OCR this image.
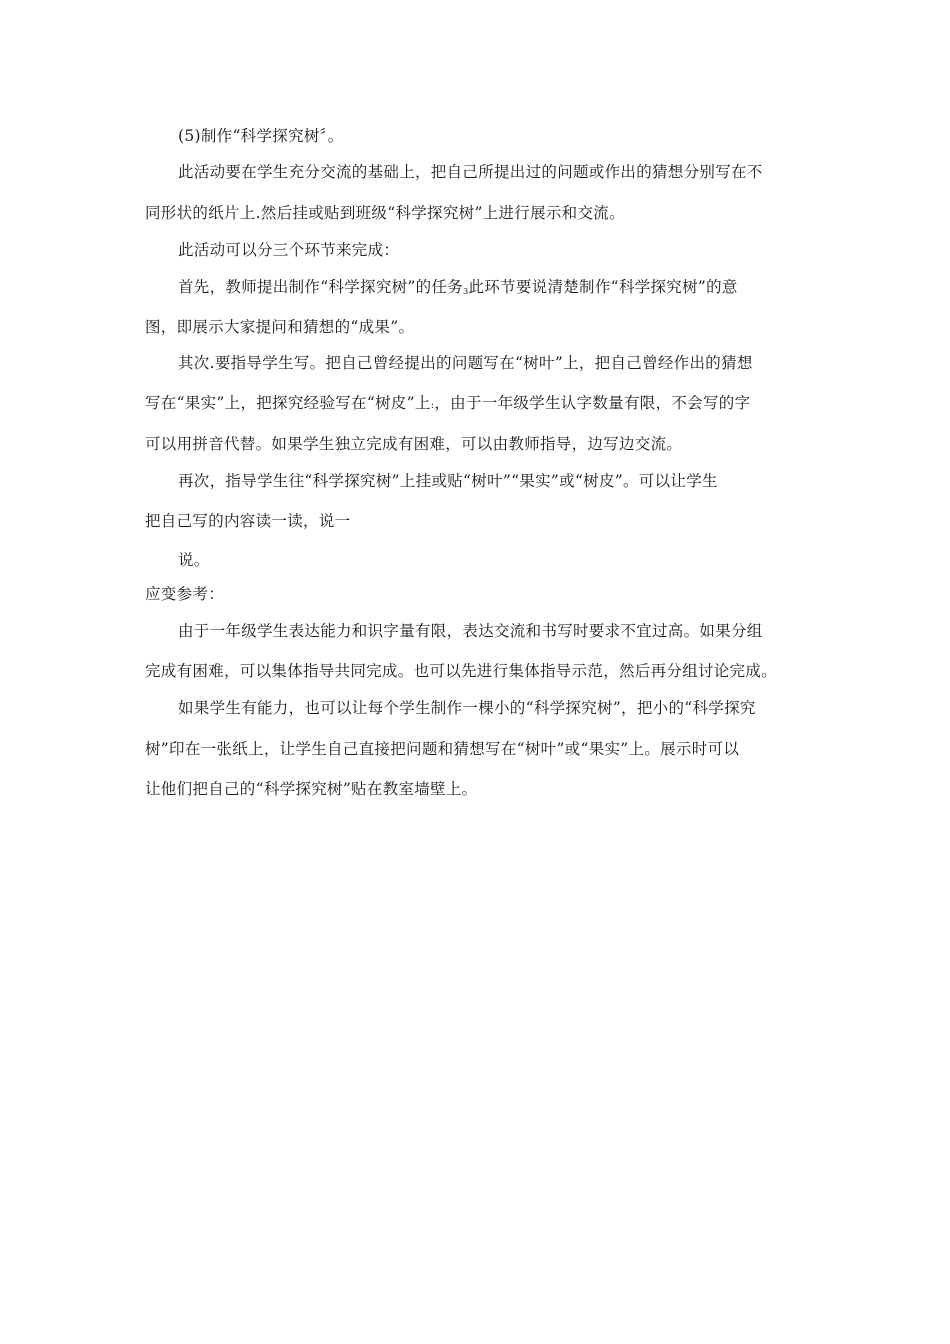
(5)制作“科学探究树〞。
此活动要在学生充分交流的基础上，把自己所提出过的问题或作出的猜想分别写在不
同形状的纸片上.然后挂或贴到班级“科学探究树”上进行展示和交流。
此活动可以分三个环节来完成：
首先，教师提出制作“科学探究树”的任务$_3$此环节要说清楚制作“科学探究树”的意
图，即展示大家提问和猜想的“成果”。
其次.要指导学生写。把自己曾经提出的问题写在“树叶”上，把自己曾经作出的猜想
写在“果实”上，把探究经验写在“树皮”上:，由于一年级学生认字数量有限，不会写的字
可以用拼音代替。如果学生独立完成有困难，可以由教师指导，边写边交流。
再次，指导学生往“科学探究树”上挂或贴“树叶”“果实”或“树皮”。可以让学生
把自己写的内容读一读，说一
说。
应变参考：
由于一年级学生表达能力和识字量有限，表达交流和书写时要求不宜过高。如果分组
完成有困难，可以集体指导共同完成。也可以先进行集体指导示范，然后再分组讨论完成。
如果学生有能力，也可以让每个学生制作一棵小的“科学探究树”，把小的“科学探究
树”印在一张纸上，让学生自己直接把问题和猜想写在“树叶”或“果实”上。展示时可以
让他们把自己的“科学探究树”贴在教室墙壁上。
